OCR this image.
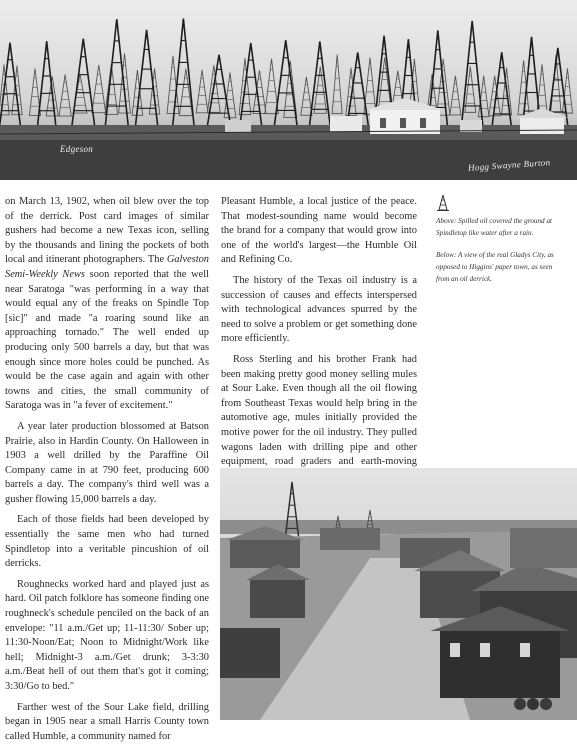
Edgeson
Hogg Swayne Burton

on March 13, 1902, when oil blew over the top of the derrick. Post card images of similar gushers had become a new Texas icon, selling by the thousands and lining the pockets of both local and itinerant photographers. The Galveston Semi-Weekly News soon reported that the well near Saratoga "was performing in a way that would equal any of the freaks on Spindle Top [sic]" and made "a roaring sound like an approaching tornado." The well ended up producing only 500 barrels a day, but that was enough since more holes could be punched. As would be the case again and again with other towns and cities, the small community of Saratoga was in "a fever of excitement."

A year later production blossomed at Batson Prairie, also in Hardin County. On Halloween in 1903 a well drilled by the Paraffine Oil Company came in at 790 feet, producing 600 barrels a day. The company's third well was a gusher flowing 15,000 barrels a day.

Each of those fields had been developed by essentially the same men who had turned Spindletop into a veritable pincushion of oil derricks.

Roughnecks worked hard and played just as hard. Oil patch folklore has someone finding one roughneck's schedule penciled on the back of an envelope: "11 a.m./Get up; 11-11:30/ Sober up; 11:30-Noon/Eat; Noon to Midnight/Work like hell; Midnight-3 a.m./Get drunk; 3-3:30 a.m./Beat hell of out them that's got it coming; 3:30/Go to bed."

Farther west of the Sour Lake field, drilling began in 1905 near a small Harris County town called Humble, a community named for

Pleasant Humble, a local justice of the peace. That modest-sounding name would become the brand for a company that would grow into one of the world's largest—the Humble Oil and Refining Co.

The history of the Texas oil industry is a succession of causes and effects interspersed with technological advances spurred by the need to solve a problem or get something done more efficiently.

Ross Sterling and his brother Frank had been making pretty good money selling mules at Sour Lake. Even though all the oil flowing from Southeast Texas would help bring in the automotive age, mules initially provided the motive power for the oil industry. They pulled wagons laden with drilling pipe and other equipment, road graders and earth-moving

Above: Spilled oil covered the ground at Spindletop like water after a rain.

Below: A view of the real Gladys City, as opposed to Higgins' paper town, as seen from an oil derrick.
